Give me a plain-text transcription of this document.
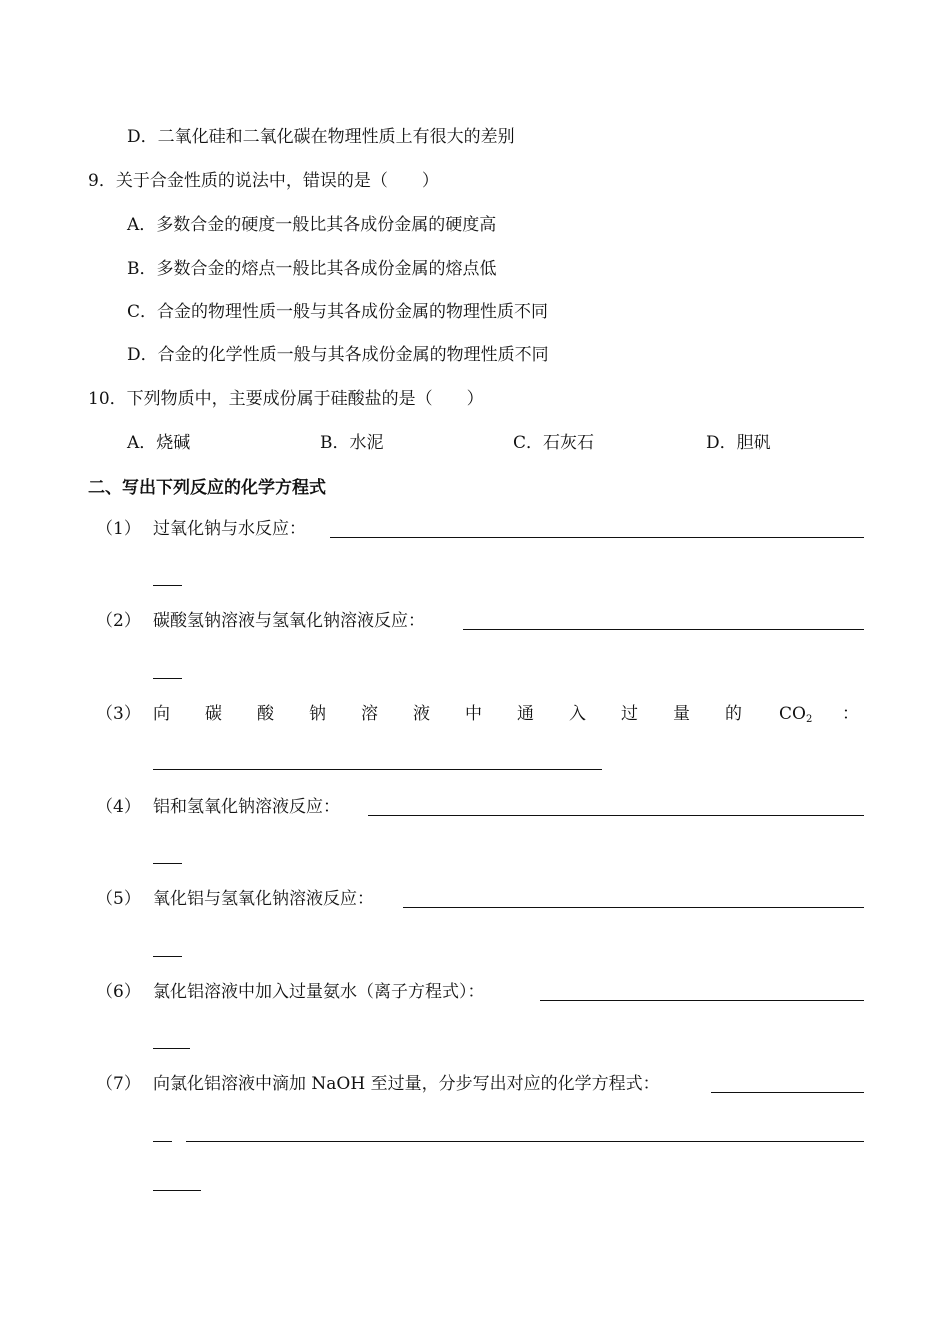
D．二氧化硅和二氧化碳在物理性质上有很大的差别
9．关于合金性质的说法中，错误的是（　　）
A．多数合金的硬度一般比其各成份金属的硬度高
B．多数合金的熔点一般比其各成份金属的熔点低
C．合金的物理性质一般与其各成份金属的物理性质不同
D．合金的化学性质一般与其各成份金属的物理性质不同
10．下列物质中，主要成份属于硅酸盐的是（　　）
A．烧碱	B．水泥	C．石灰石	D．胆矾
二、写出下列反应的化学方程式
（1） 过氧化钠与水反应：
（2） 碳酸氢钠溶液与氢氧化钠溶液反应：
（3） 向 碳 酸 钠 溶 液 中 通 入 过 量 的 $CO_2$ ：
（4） 铝和氢氧化钠溶液反应：
（5） 氧化铝与氢氧化钠溶液反应：
（6） 氯化铝溶液中加入过量氨水（离子方程式）：
（7） 向氯化铝溶液中滴加 NaOH 至过量，分步写出对应的化学方程式：
